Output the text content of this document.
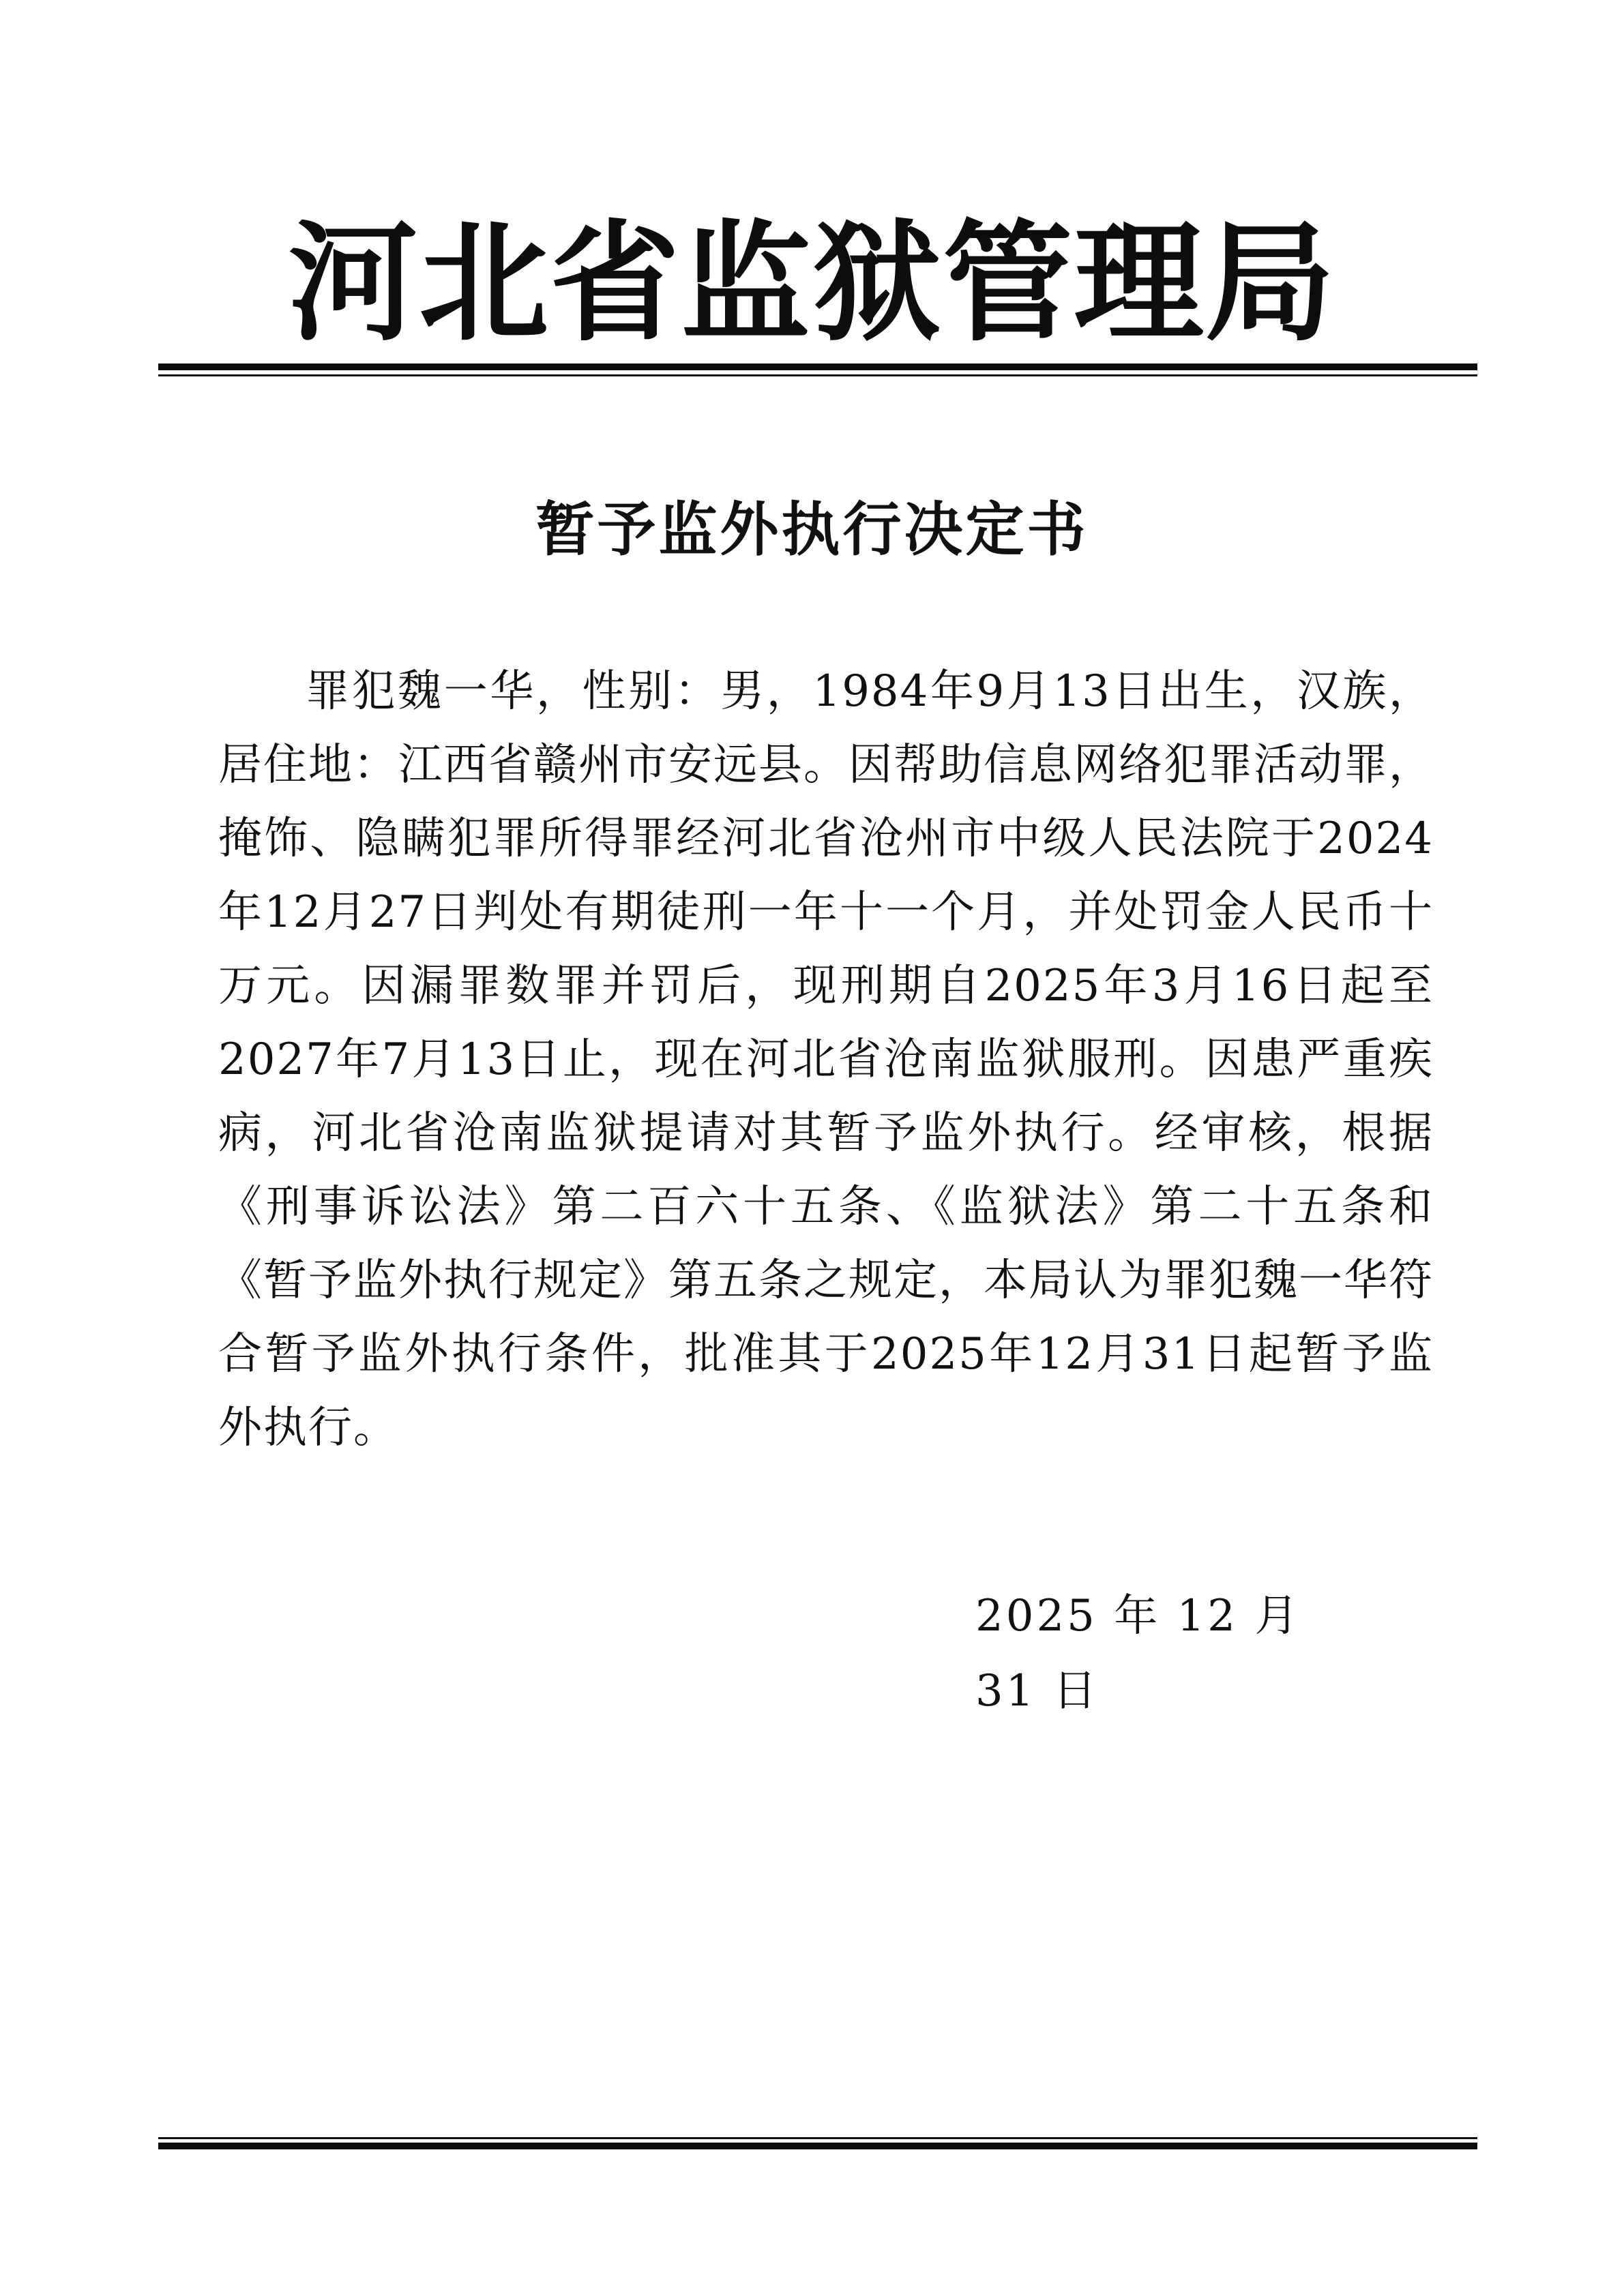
河北省监狱管理局
暂予监外执行决定书

罪犯魏一华，性别：男，1984年9月13日出生，汉族，居住地：江西省赣州市安远县。因帮助信息网络犯罪活动罪，掩饰、隐瞒犯罪所得罪经河北省沧州市中级人民法院于2024年12月27日判处有期徒刑一年十一个月，并处罚金人民币十万元。因漏罪数罪并罚后，现刑期自2025年3月16日起至2027年7月13日止，现在河北省沧南监狱服刑。因患严重疾病，河北省沧南监狱提请对其暂予监外执行。经审核，根据《刑事诉讼法》第二百六十五条、《监狱法》第二十五条和《暂予监外执行规定》第五条之规定，本局认为罪犯魏一华符合暂予监外执行条件，批准其于2025年12月31日起暂予监外执行。

2025 年 12 月 31 日
